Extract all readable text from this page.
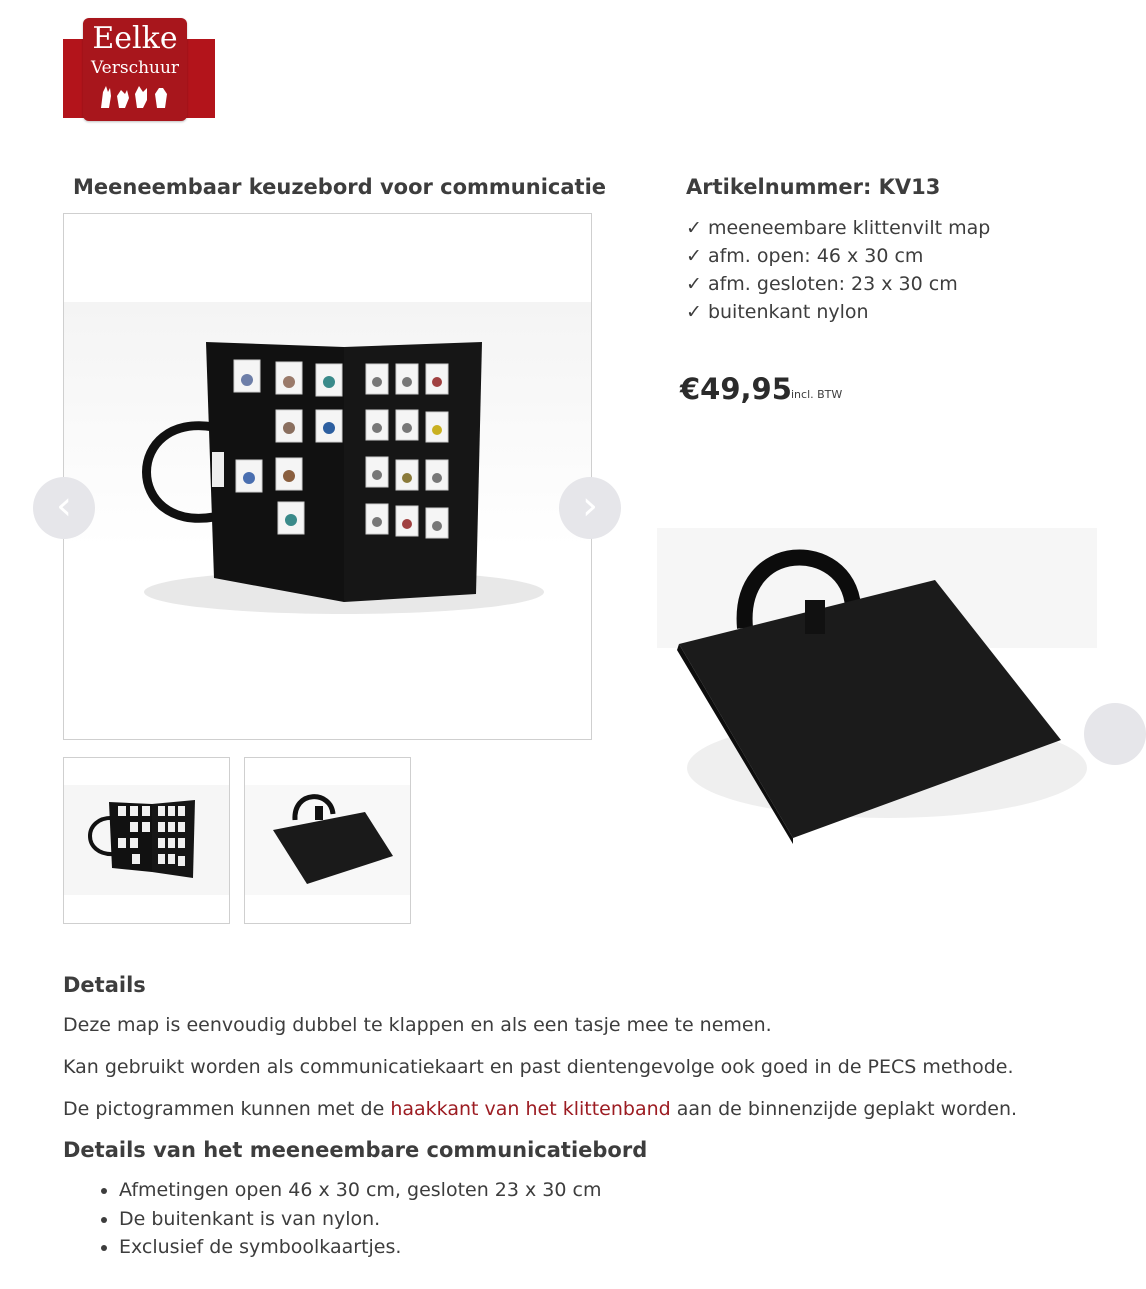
Eelke
Verschuur
Meeneembaar keuzebord voor communicatie
‹	›
Artikelnummer: KV13
✓ meeneembare klittenvilt map
✓ afm. open: 46 x 30 cm
✓ afm. gesloten: 23 x 30 cm
✓ buitenkant nylon
€49,95 incl. BTW
Details
Deze map is eenvoudig dubbel te klappen en als een tasje mee te nemen.
Kan gebruikt worden als communicatiekaart en past dientengevolge ook goed in de PECS methode.
De pictogrammen kunnen met de haakkant van het klittenband aan de binnenzijde geplakt worden.
Details van het meeneembare communicatiebord
• Afmetingen open 46 x 30 cm, gesloten 23 x 30 cm
• De buitenkant is van nylon.
• Exclusief de symboolkaartjes.
